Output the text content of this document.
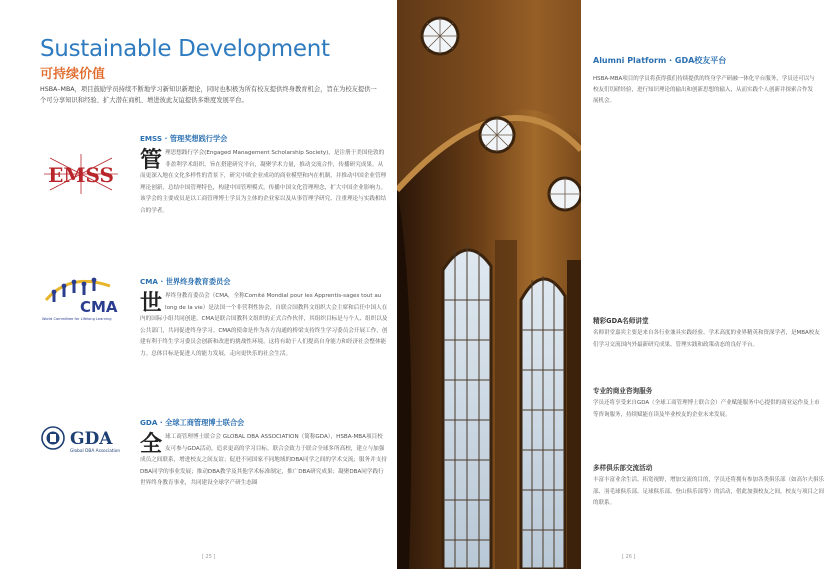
Sustainable Development
可持续价值
HSBA–MBA，项目鼓励学员持续不断地学习新知识新理论，同时也积极为所有校友提供终身教育机会，旨在为校友提供一个可分享知识和经验、扩大潜在商机、增进彼此友谊提供多维度发展平台。
EMSS
EMSS · 管理奖想践行学会
管 理思想践行学会(Engaged Management Scholarship Society)，是注册于美国伦敦的非盈利学术组织，旨在搭建研究平台，凝聚学术力量，推动交流合作，传播研究成果。从而更深入地在文化多样性的背景下，研究中欧企业成功的商业模型和内在机制，并推动中国企业管理理论创新，总结中国管理特色，构建中国管理模式，传播中国文化管理理念，扩大中国企业影响力。该学会的主要成员是以工商管理博士学员为主体的企业家以及从事管理学研究、注重理论与实践相结合的学者。
CMA
World Committee for Lifelong Learning
CMA · 世界终身教育委员会
世 界终身教育委员会（CMA，全称Comité Mondial pour les Apprentis-sages tout au long de la vie）是法国一个非营利性协会，自联合国教科文组织大会主席和后任中国人在内的国际小组共同创建。CMA是联合国教科文组织的正式合作伙伴，其组织目标是与个人、组织以及公共部门，共同促进终身学习。CMA的使命是作为各方沟通的桥梁支持终生学习委员会开展工作，创建有利于终生学习委员会创新和改进的挑战性环境，这将有助于人们提高自身能力和经济社会整体能力。总体目标是促进人的能力发展，走向更快乐的社会生活。
GDA
Global DBA Association
GDA · 全球工商管理博士联合会
全 球工商管理博士联合会 GLOBAL DBA ASSOCIATION（简称GDA），HSBA-MBA项目校友可参与GDA活动，追求更高的学习目标。联合会致力于联合全球多所高校，建立与加强成员之间联系，增进校友之间友谊；促进不同国家不同地域的DBA同学之间的学术交流；服务并支持DBA同学的事业发展；推动DBA教学及其他学术标准制定，推广DBA研究成果；凝聚DBA同学践行世界终身教育事业，共同建设全球学产研生态圈
[ 25 ]
Alumni Platform · GDA校友平台
HSBA-MBA项目的学员将获得我们持续提供的终身学产研融一体化平台服务，学员还可以与校友们切磋经验，进行知识理论的输出和创新思想的输入，从而实践个人创新并探索合作发展机会。
精彩GDA名师讲堂
名师讲堂嘉宾主要是来自各行业兼具实践经验、学术高度的业界精英和资深学者，是MBA校友们学习交流国内外最新研究成果、管理实践和政策动态的良好平台。
专业的商业咨询服务
学员还将享受来自GDA（全球工商管理博士联合会）产业赋能服务中心提供的商业运作及上市等咨询服务，持续赋能在读及毕业校友的企业未来发展。
多样俱乐部交流活动
丰富丰富业余生活、拓宽视野，增加交流的目的，学员还将拥有参加各类俱乐部（如高尔夫俱乐部、羽毛球俱乐部、足球俱乐部、登山俱乐部等）的活动，借此加强校友之间，校友与项目之间的联系。
[ 26 ]
